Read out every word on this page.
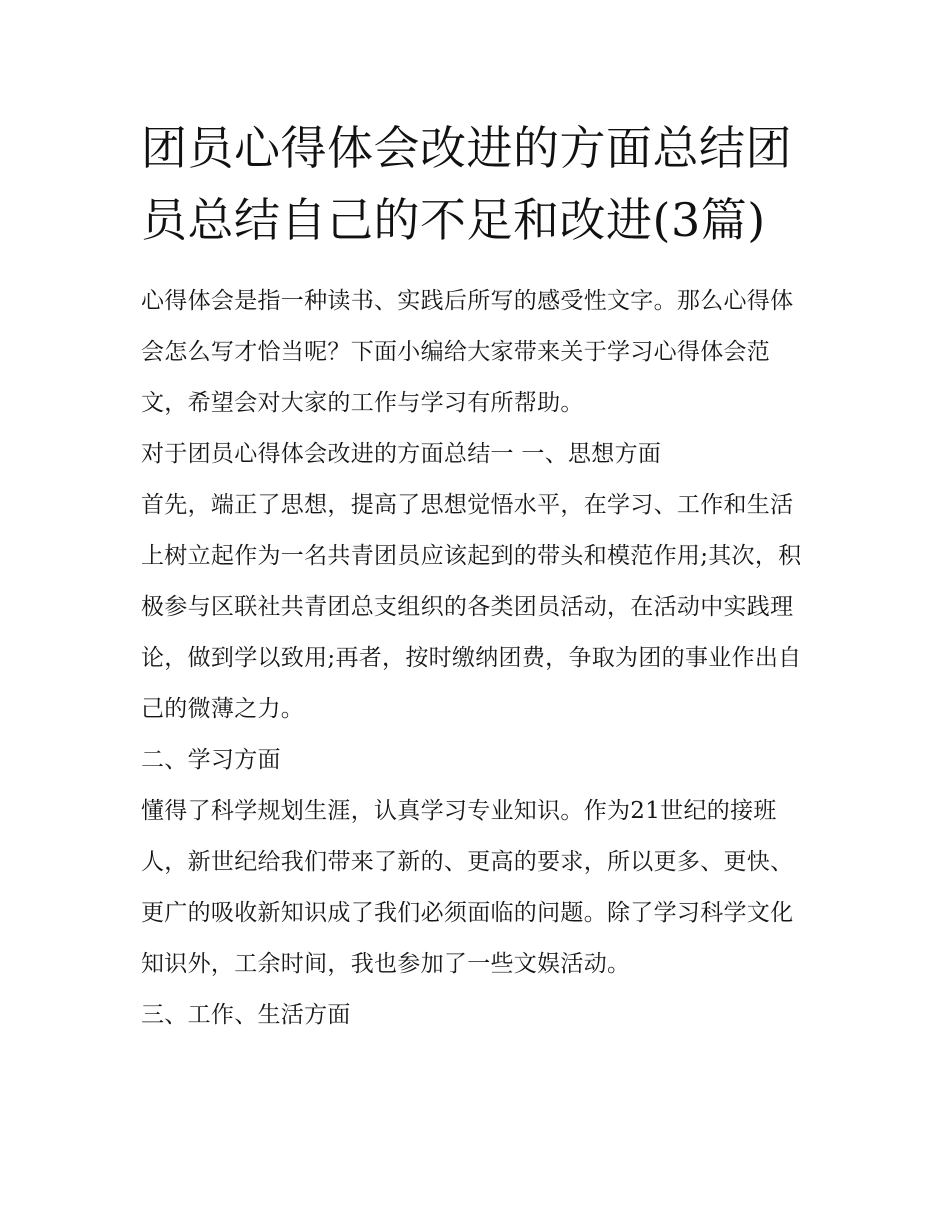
团员心得体会改进的方面总结团员总结自己的不足和改进(3篇)

心得体会是指一种读书、实践后所写的感受性文字。那么心得体会怎么写才恰当呢？下面小编给大家带来关于学习心得体会范文，希望会对大家的工作与学习有所帮助。

对于团员心得体会改进的方面总结一 一、思想方面

首先，端正了思想，提高了思想觉悟水平，在学习、工作和生活上树立起作为一名共青团员应该起到的带头和模范作用;其次，积极参与区联社共青团总支组织的各类团员活动，在活动中实践理论，做到学以致用;再者，按时缴纳团费，争取为团的事业作出自己的微薄之力。

二、学习方面

懂得了科学规划生涯，认真学习专业知识。作为21世纪的接班人，新世纪给我们带来了新的、更高的要求，所以更多、更快、更广的吸收新知识成了我们必须面临的问题。除了学习科学文化知识外，工余时间，我也参加了一些文娱活动。

三、工作、生活方面
